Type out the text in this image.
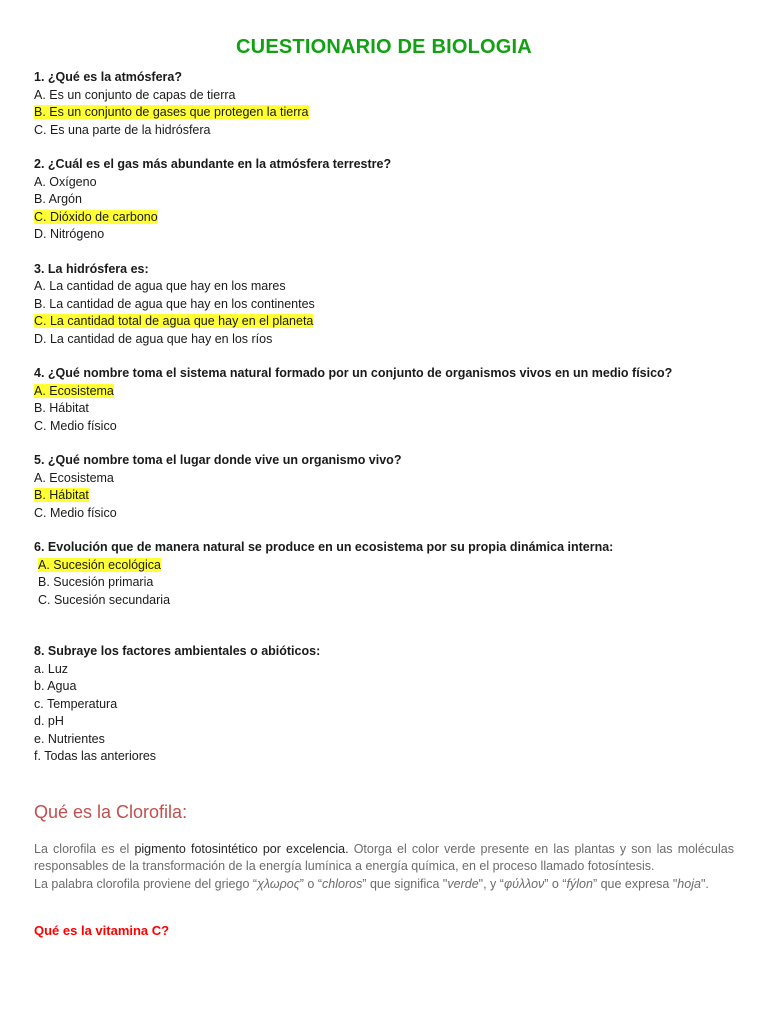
CUESTIONARIO DE BIOLOGIA
1. ¿Qué es la atmósfera?
A. Es un conjunto de capas de tierra
B. Es un conjunto de gases que protegen la tierra
C. Es una parte de la hidrósfera
2. ¿Cuál es el gas más abundante en la atmósfera terrestre?
A. Oxígeno
B. Argón
C. Dióxido de carbono
D. Nitrógeno
3. La hidrósfera es:
A. La cantidad de agua que hay en los mares
B. La cantidad de agua que hay en los continentes
C. La cantidad total de agua que hay en el planeta
D. La cantidad de agua que hay en los ríos
4. ¿Qué nombre toma el sistema natural formado por un conjunto de organismos vivos en un medio físico?
A. Ecosistema
B. Hábitat
C. Medio físico
5. ¿Qué nombre toma el lugar donde vive un organismo vivo?
A. Ecosistema
B. Hábitat
C. Medio físico
6. Evolución que de manera natural se produce en un ecosistema por su propia dinámica interna:
A. Sucesión ecológica
B. Sucesión primaria
C. Sucesión secundaria
8. Subraye los factores ambientales o abióticos:
a. Luz
b. Agua
c. Temperatura
d. pH
e. Nutrientes
f. Todas las anteriores
Qué es la Clorofila:
La clorofila es el pigmento fotosintético por excelencia. Otorga el color verde presente en las plantas y son las moléculas responsables de la transformación de la energía lumínica a energía química, en el proceso llamado fotosíntesis.
La palabra clorofila proviene del griego “χλωρος” o “chloros” que significa "verde", y “φύλλον” o “fýlon” que expresa "hoja".
Qué es la vitamina C?
